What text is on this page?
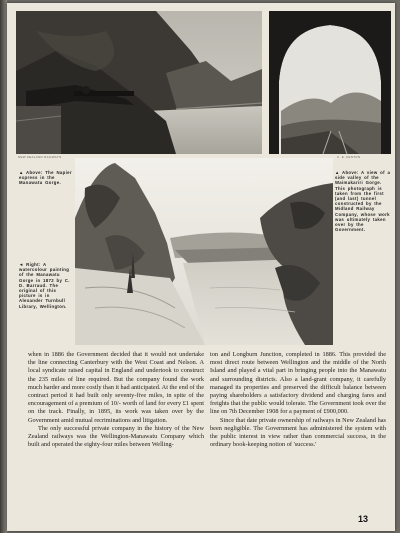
NEW ZEALAND RAILWAYS	C. E. FENTON
▲ Above: The Napier express in the Manawatu Gorge.
▲ Above: A view of a side valley of the Waimakariri Gorge. This photograph is taken from the first (and last) tunnel constructed by the Midland Railway Company, whose work was ultimately taken over by the Government.
◄ Right: A watercolour painting of the Manawatu Gorge in 1872 by C. D. Barraud. The original of this picture is in Alexander Turnbull Library, Wellington.

when in 1886 the Government decided that it would not undertake the line connecting Canterbury with the West Coast and Nelson. A local syndicate raised capital in England and undertook to construct the 235 miles of line required. But the company found the work much harder and more costly than it had anticipated. At the end of the contract period it had built only seventy-five miles, in spite of the encouragement of a premium of 10/- worth of land for every £1 spent on the track. Finally, in 1895, its work was taken over by the Government amid mutual recriminations and litigation.

The only successful private company in the history of the New Zealand railways was the Wellington-Manawatu Company which built and operated the eighty-four miles between Welling-

ton and Longburn Junction, completed in 1886. This provided the most direct route between Wellington and the middle of the North Island and played a vital part in bringing people into the Manawatu and surrounding districts. Also a land-grant company, it carefully managed its properties and preserved the difficult balance between paying shareholders a satisfactory dividend and charging fares and freights that the public would tolerate. The Government took over the line on 7th December 1908 for a payment of £900,000.

Since that date private ownership of railways in New Zealand has been negligible. The Government has administered the system with the public interest in view rather than commercial success, in the ordinary book-keeping notion of 'success.'

13
